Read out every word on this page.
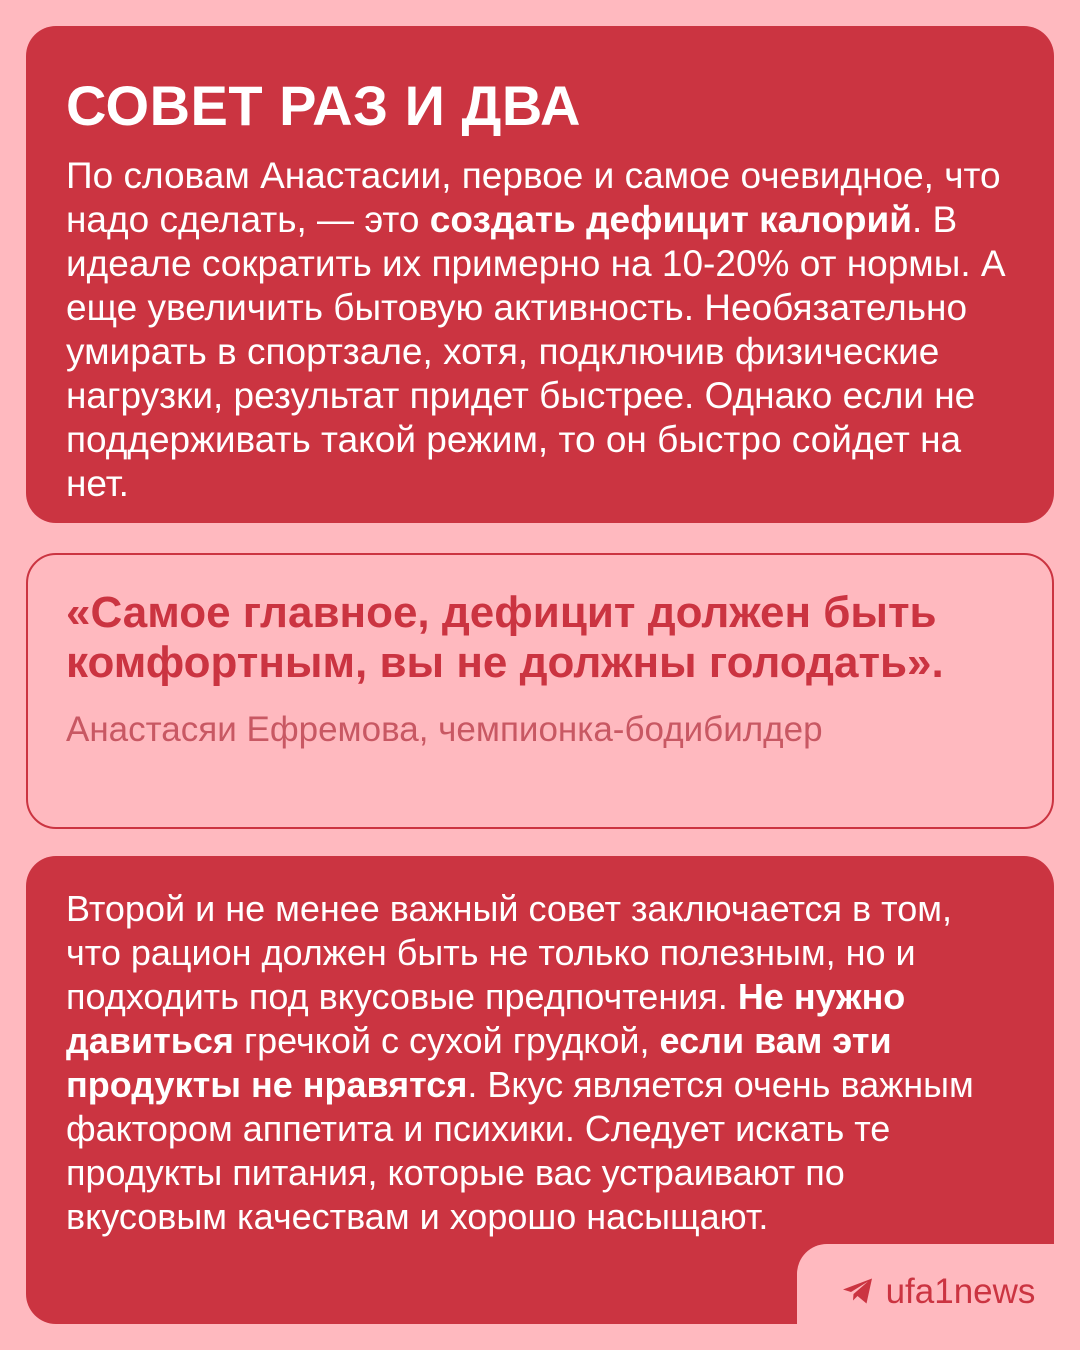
СОВЕТ РАЗ И ДВА

По словам Анастасии, первое и самое очевидное, что надо сделать, — это создать дефицит калорий. В идеале сократить их примерно на 10-20% от нормы. А еще увеличить бытовую активность. Необязательно умирать в спортзале, хотя, подключив физические нагрузки, результат придет быстрее. Однако если не поддерживать такой режим, то он быстро сойдет на нет.

«Самое главное, дефицит должен быть комфортным, вы не должны голодать».

Анастасяи Ефремова, чемпионка-бодибилдер

Второй и не менее важный совет заключается в том, что рацион должен быть не только полезным, но и подходить под вкусовые предпочтения. Не нужно давиться гречкой с сухой грудкой, если вам эти продукты не нравятся. Вкус является очень важным фактором аппетита и психики. Следует искать те продукты питания, которые вас устраивают по вкусовым качествам и хорошо насыщают.

ufa1news
